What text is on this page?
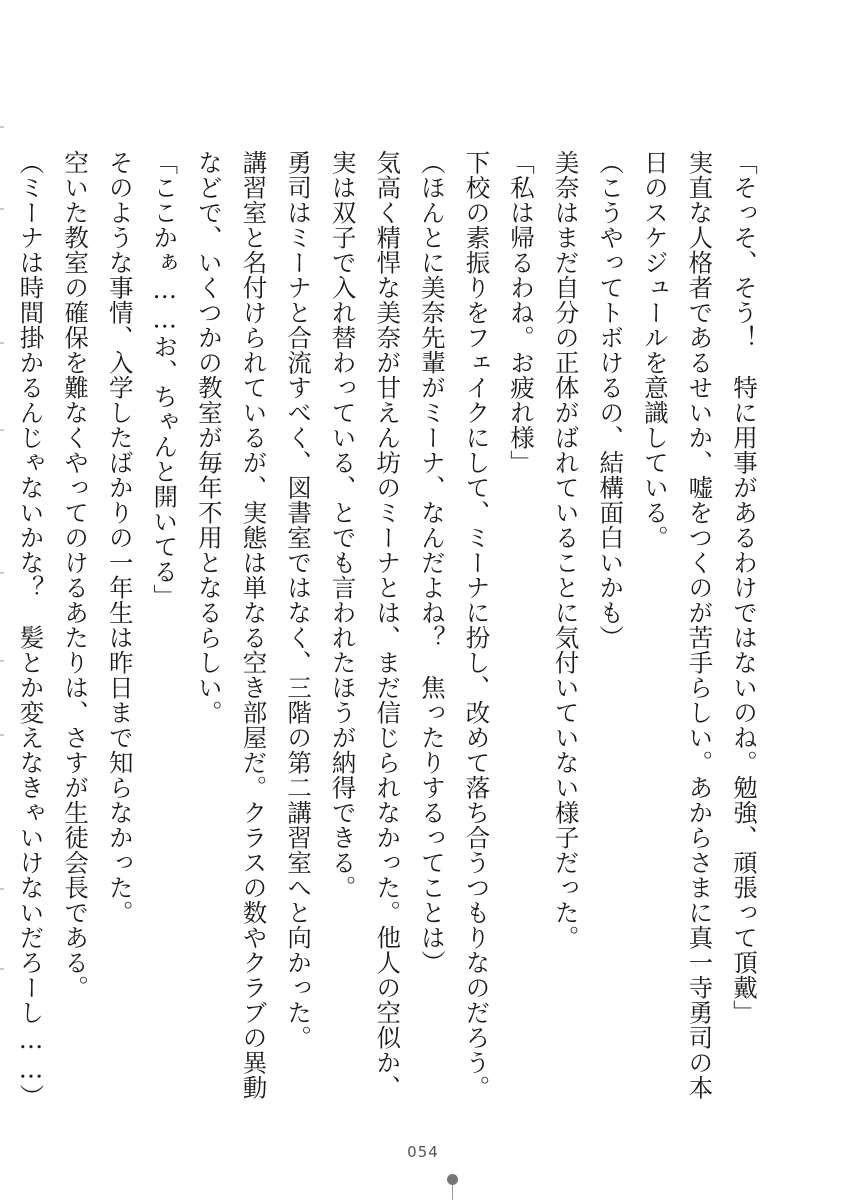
「そっそ、そう！　特に用事があるわけではないのね。勉強、頑張って頂戴」

実直な人格者であるせいか、嘘をつくのが苦手らしい。あからさまに真一寺勇司の本日のスケジュールを意識している。

（こうやってトボけるの、結構面白いかも）

美奈はまだ自分の正体がばれていることに気付いていない様子だった。

「私は帰るわね。お疲れ様」

下校の素振りをフェイクにして、ミーナに扮し、改めて落ち合うつもりなのだろう。

（ほんとに美奈先輩がミーナ、なんだよね？　焦ったりするってことは）

気高く精悍な美奈が甘えん坊のミーナとは、まだ信じられなかった。他人の空似か、実は双子で入れ替わっている、とでも言われたほうが納得できる。

勇司はミーナと合流すべく、図書室ではなく、三階の第二講習室へと向かった。

講習室と名付けられているが、実態は単なる空き部屋だ。クラスの数やクラブの異動などで、いくつかの教室が毎年不用となるらしい。

「ここかぁ……お、ちゃんと開いてる」

そのような事情、入学したばかりの一年生は昨日まで知らなかった。

空いた教室の確保を難なくやってのけるあたりは、さすが生徒会長である。

（ミーナは時間掛かるんじゃないかな？　髪とか変えなきゃいけないだろーし……）

054
